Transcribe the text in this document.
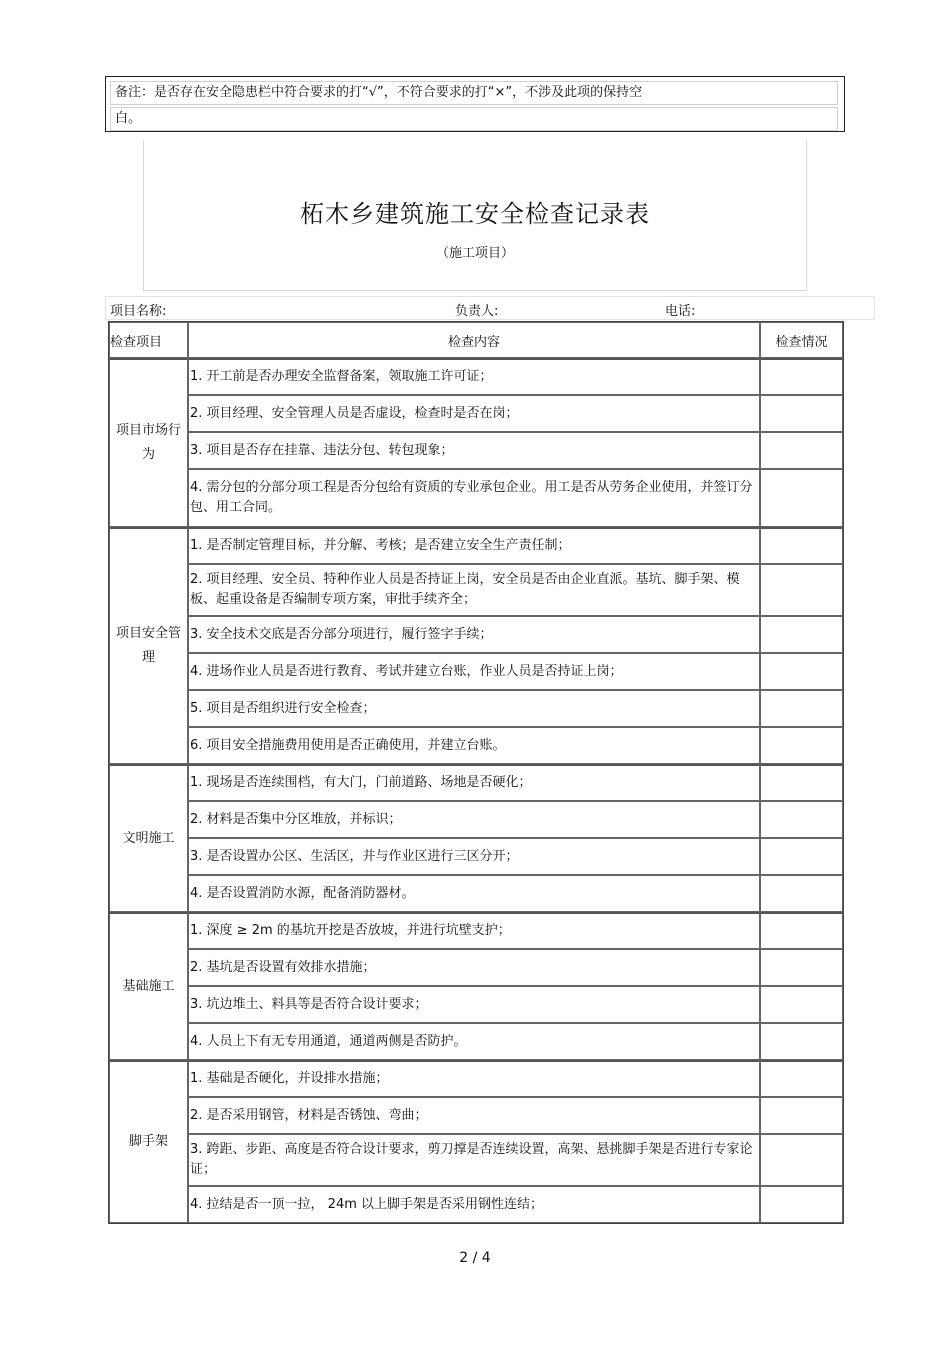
备注：是否存在安全隐患栏中符合要求的打“√”，不符合要求的打“×”，不涉及此项的保持空
白。
柘木乡建筑施工安全检查记录表
（施工项目）
项目名称:	负责人:	电话:
检查项目	检查内容	检查情况
项目市场行为	1. 开工前是否办理安全监督备案，领取施工许可证；	

	2. 项目经理、安全管理人员是否虚设，检查时是否在岗；	

	3. 项目是否存在挂靠、违法分包、转包现象；	

	4. 需分包的分部分项工程是否分包给有资质的专业承包企业。用工是否从劳务企业使用，并签订分包、用工合同。	

项目安全管理	1. 是否制定管理目标，并分解、考核；是否建立安全生产责任制；	

	2. 项目经理、安全员、特种作业人员是否持证上岗，安全员是否由企业直派。基坑、脚手架、模板、起重设备是否编制专项方案，审批手续齐全；	

	3. 安全技术交底是否分部分项进行，履行签字手续；	

	4. 进场作业人员是否进行教育、考试并建立台账，作业人员是否持证上岗；	

	5. 项目是否组织进行安全检查；	

	6. 项目安全措施费用使用是否正确使用，并建立台账。	

文明施工	1. 现场是否连续围档，有大门，门前道路、场地是否硬化；	

	2. 材料是否集中分区堆放，并标识；	

	3. 是否设置办公区、生活区，并与作业区进行三区分开；	

	4. 是否设置消防水源，配备消防器材。	

基础施工	1. 深度 ≥ 2m 的基坑开挖是否放坡，并进行坑壁支护；	

	2. 基坑是否设置有效排水措施；	

	3. 坑边堆土、料具等是否符合设计要求；	

	4. 人员上下有无专用通道，通道两侧是否防护。	

脚手架	1. 基础是否硬化，并设排水措施；	

	2. 是否采用钢管，材料是否锈蚀、弯曲；	

	3. 跨距、步距、高度是否符合设计要求，剪刀撑是否连续设置，高架、悬挑脚手架是否进行专家论证；	

	4. 拉结是否一顶一拉， 24m 以上脚手架是否采用钢性连结；	

2 / 4
